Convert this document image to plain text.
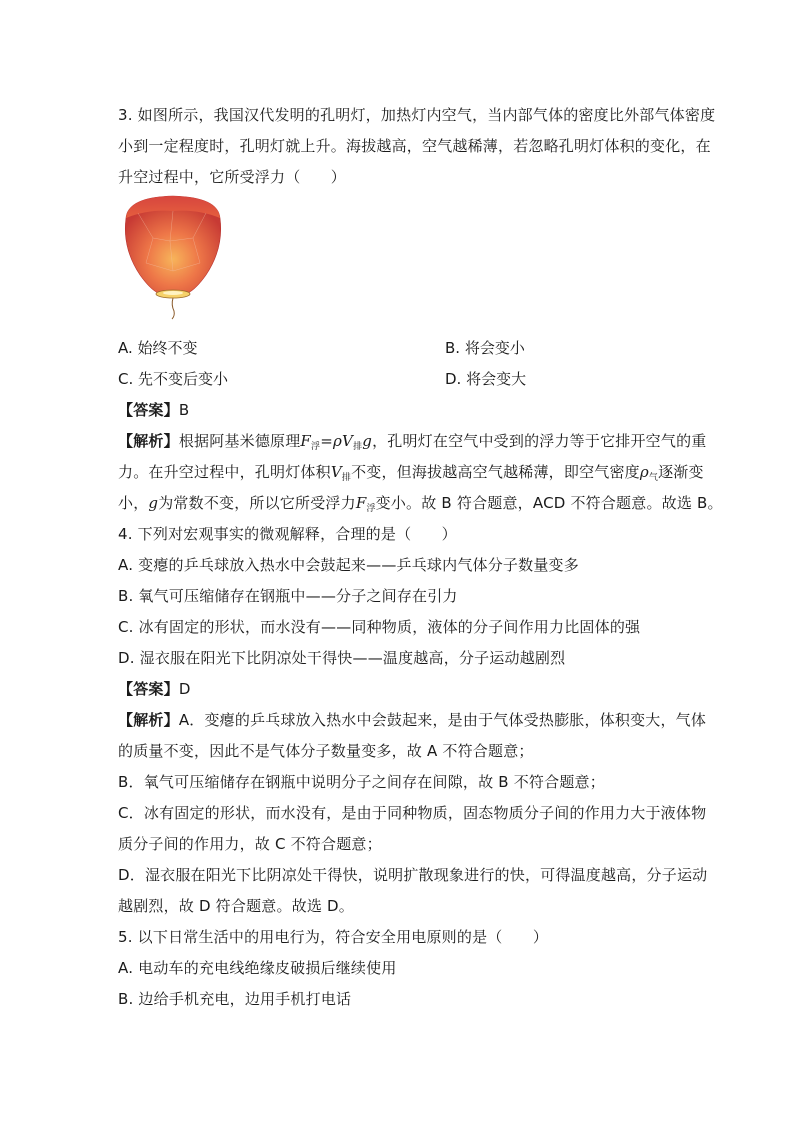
3. 如图所示，我国汉代发明的孔明灯，加热灯内空气，当内部气体的密度比外部气体密度
小到一定程度时，孔明灯就上升。海拔越高，空气越稀薄，若忽略孔明灯体积的变化，在
升空过程中，它所受浮力（　　）
A. 始终不变	B. 将会变小
C. 先不变后变小	D. 将会变大
【答案】B
【解析】根据阿基米德原理$F_浮=\rho V_排g$，孔明灯在空气中受到的浮力等于它排开空气的重
力。在升空过程中，孔明灯体积$V_排$不变，但海拔越高空气越稀薄，即空气密度$\rho_气$逐渐变
小，g为常数不变，所以它所受浮力$F_浮$变小。故 B 符合题意，ACD 不符合题意。故选 B。
4. 下列对宏观事实的微观解释，合理的是（　　）
A. 变瘪的乒乓球放入热水中会鼓起来——乒乓球内气体分子数量变多
B. 氧气可压缩储存在钢瓶中——分子之间存在引力
C. 冰有固定的形状，而水没有——同种物质，液体的分子间作用力比固体的强
D. 湿衣服在阳光下比阴凉处干得快——温度越高，分子运动越剧烈
【答案】D
【解析】A．变瘪的乒乓球放入热水中会鼓起来，是由于气体受热膨胀，体积变大，气体
的质量不变，因此不是气体分子数量变多，故 A 不符合题意；
B．氧气可压缩储存在钢瓶中说明分子之间存在间隙，故 B 不符合题意；
C．冰有固定的形状，而水没有，是由于同种物质，固态物质分子间的作用力大于液体物
质分子间的作用力，故 C 不符合题意；
D．湿衣服在阳光下比阴凉处干得快，说明扩散现象进行的快，可得温度越高，分子运动
越剧烈，故 D 符合题意。故选 D。
5. 以下日常生活中的用电行为，符合安全用电原则的是（　　）
A. 电动车的充电线绝缘皮破损后继续使用
B. 边给手机充电，边用手机打电话
